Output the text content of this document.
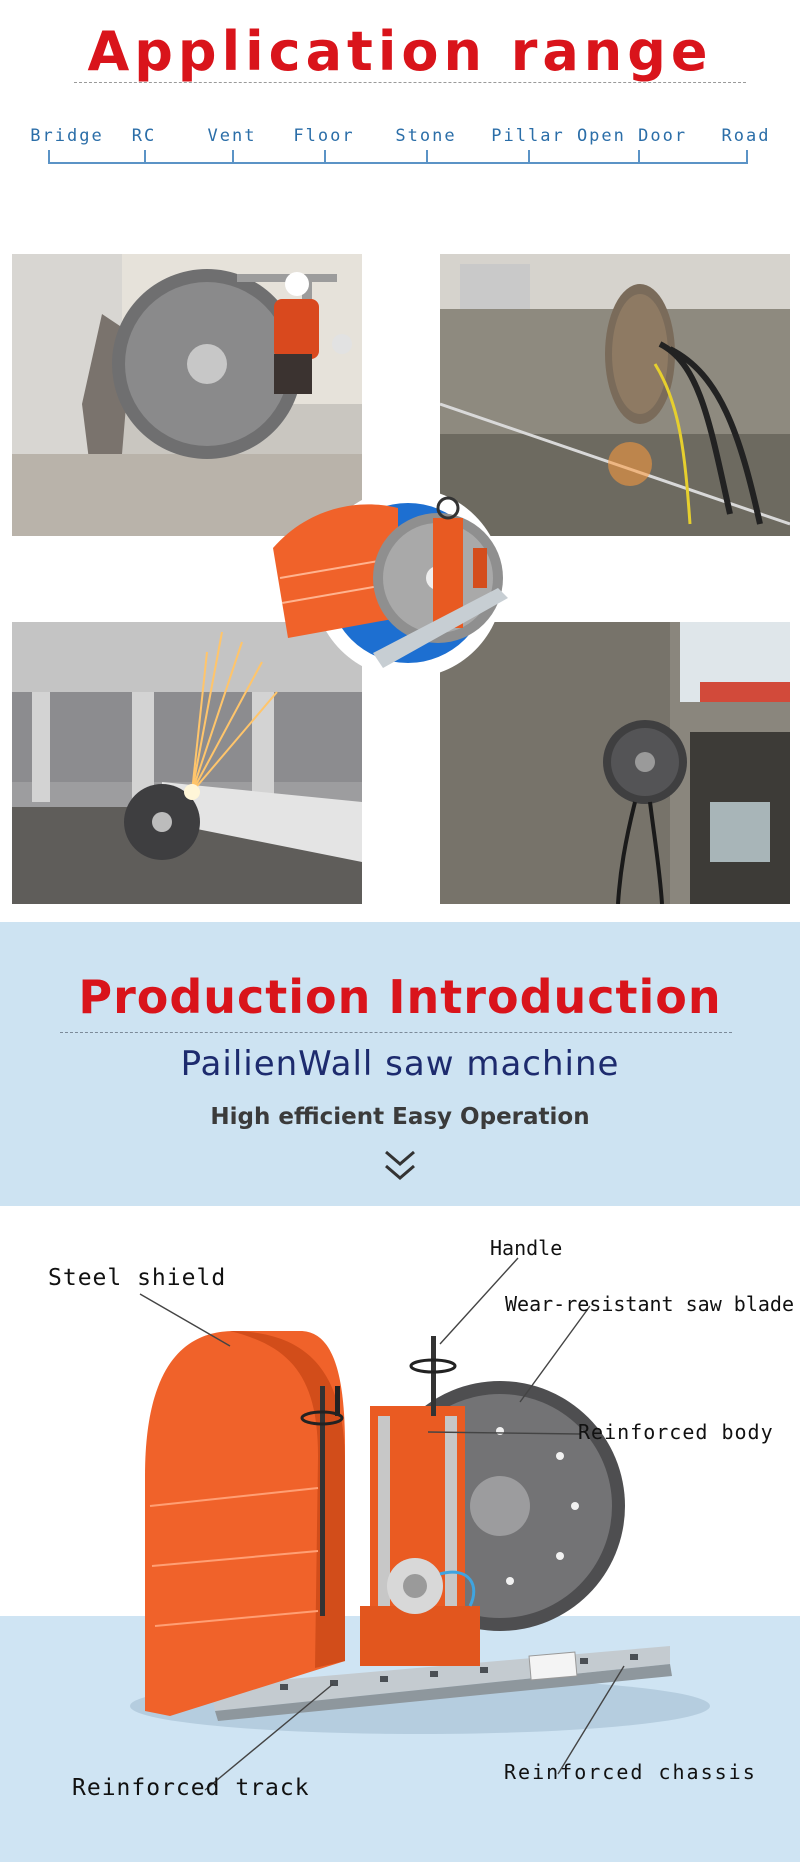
Application range
Bridge RC	Vent Floor Stone Pillar Open Door Road
Production Introduction
PailienWall saw machine
High efficient Easy Operation
Steel shield
Handle
Wear-resistant saw blade
Reinforced body
Reinforced track
Reinforced chassis
